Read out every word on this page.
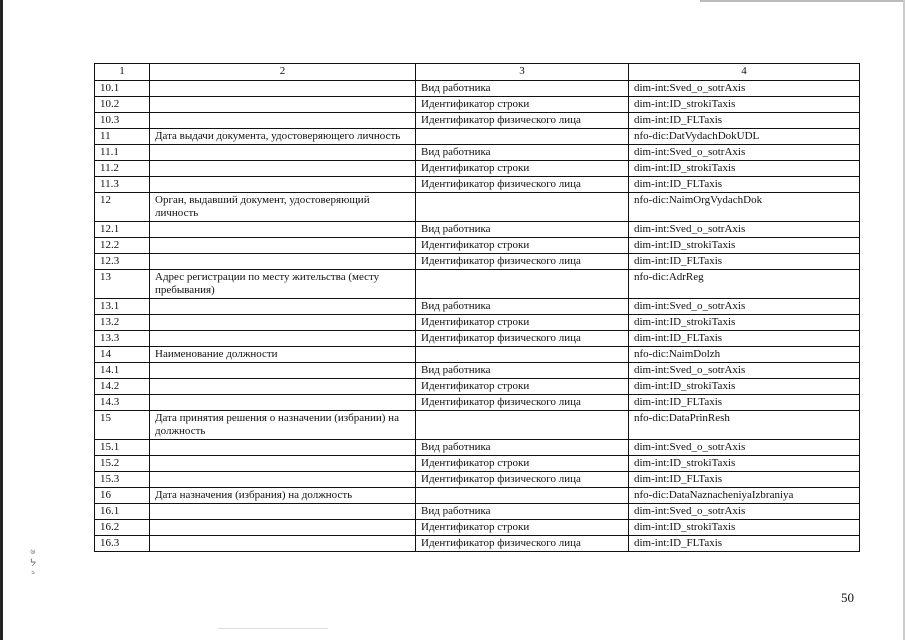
1	2	3	4
10.1		Вид работника	dim-int:Sved_o_sotrAxis
10.2		Идентификатор строки	dim-int:ID_strokiTaxis
10.3		Идентификатор физического лица	dim-int:ID_FLTaxis
11	Дата выдачи документа, удостоверяющего личность		nfo-dic:DatVydachDokUDL
11.1		Вид работника	dim-int:Sved_o_sotrAxis
11.2		Идентификатор строки	dim-int:ID_strokiTaxis
11.3		Идентификатор физического лица	dim-int:ID_FLTaxis
12	Орган, выдавший документ, удостоверяющий личность		nfo-dic:NaimOrgVydachDok
12.1		Вид работника	dim-int:Sved_o_sotrAxis
12.2		Идентификатор строки	dim-int:ID_strokiTaxis
12.3		Идентификатор физического лица	dim-int:ID_FLTaxis
13	Адрес регистрации по месту жительства (месту пребывания)		nfo-dic:AdrReg
13.1		Вид работника	dim-int:Sved_o_sotrAxis
13.2		Идентификатор строки	dim-int:ID_strokiTaxis
13.3		Идентификатор физического лица	dim-int:ID_FLTaxis
14	Наименование должности		nfo-dic:NaimDolzh
14.1		Вид работника	dim-int:Sved_o_sotrAxis
14.2		Идентификатор строки	dim-int:ID_strokiTaxis
14.3		Идентификатор физического лица	dim-int:ID_FLTaxis
15	Дата принятия решения о назначении (избрании) на должность		nfo-dic:DataPrinResh
15.1		Вид работника	dim-int:Sved_o_sotrAxis
15.2		Идентификатор строки	dim-int:ID_strokiTaxis
15.3		Идентификатор физического лица	dim-int:ID_FLTaxis
16	Дата назначения (избрания) на должность		nfo-dic:DataNaznacheniyaIzbraniya
16.1		Вид работника	dim-int:Sved_o_sotrAxis
16.2		Идентификатор строки	dim-int:ID_strokiTaxis
16.3		Идентификатор физического лица	dim-int:ID_FLTaxis
ၑ
ᔭ
ᐣ
50
